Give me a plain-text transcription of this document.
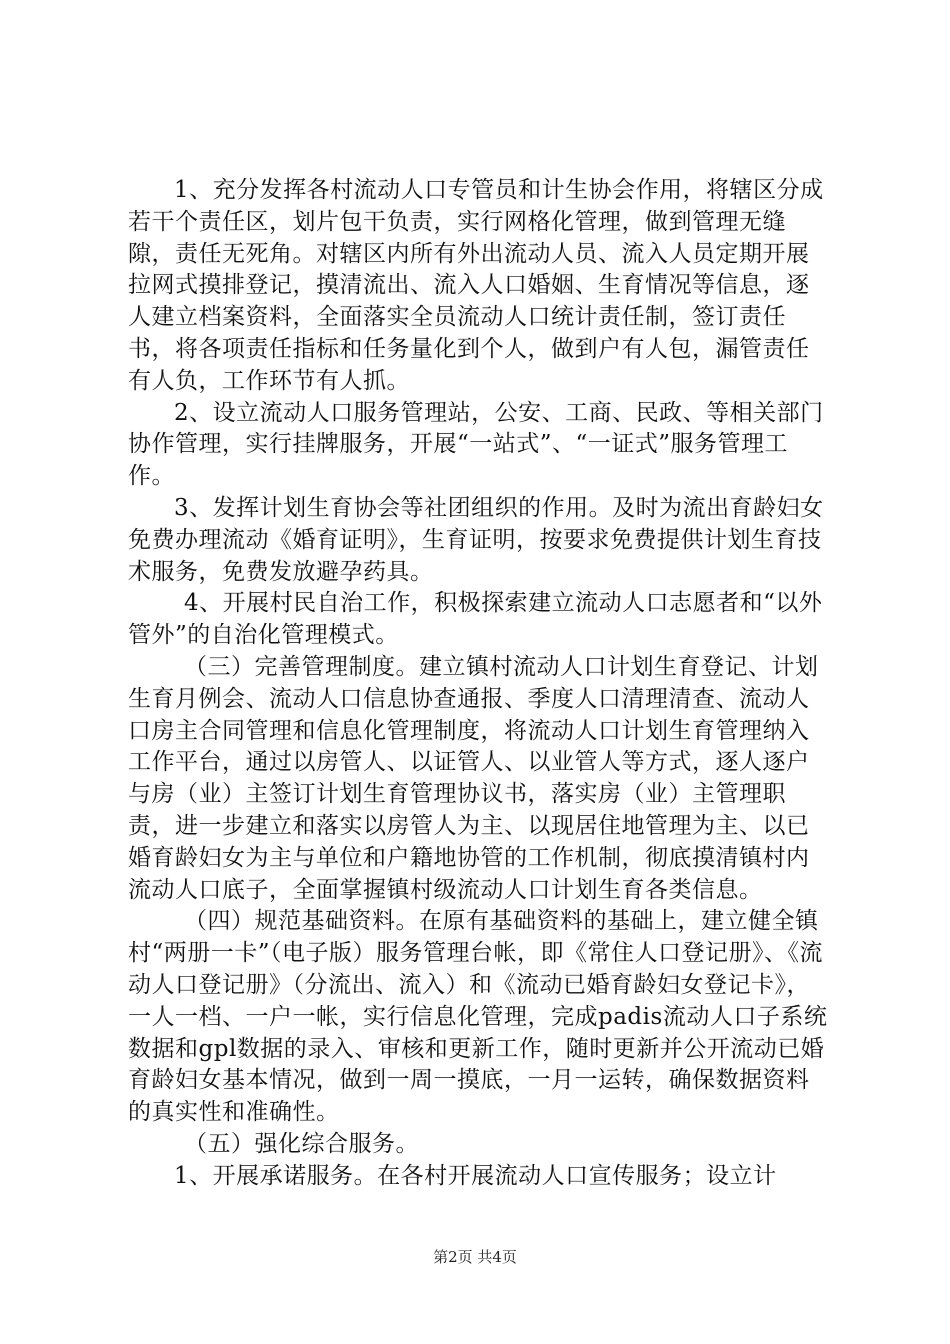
1、充分发挥各村流动人口专管员和计生协会作用，将辖区分成若干个责任区，划片包干负责，实行网格化管理，做到管理无缝隙，责任无死角。对辖区内所有外出流动人员、流入人员定期开展拉网式摸排登记，摸清流出、流入人口婚姻、生育情况等信息，逐人建立档案资料，全面落实全员流动人口统计责任制，签订责任书，将各项责任指标和任务量化到个人，做到户有人包，漏管责任有人负，工作环节有人抓。

2、设立流动人口服务管理站，公安、工商、民政、等相关部门协作管理，实行挂牌服务，开展“一站式”、“一证式”服务管理工作。

3、发挥计划生育协会等社团组织的作用。及时为流出育龄妇女免费办理流动《婚育证明》，生育证明，按要求免费提供计划生育技术服务，免费发放避孕药具。

4、开展村民自治工作，积极探索建立流动人口志愿者和“以外管外”的自治化管理模式。

（三）完善管理制度。建立镇村流动人口计划生育登记、计划生育月例会、流动人口信息协查通报、季度人口清理清查、流动人口房主合同管理和信息化管理制度，将流动人口计划生育管理纳入工作平台，通过以房管人、以证管人、以业管人等方式，逐人逐户与房（业）主签订计划生育管理协议书，落实房（业）主管理职责，进一步建立和落实以房管人为主、以现居住地管理为主、以已婚育龄妇女为主与单位和户籍地协管的工作机制，彻底摸清镇村内流动人口底子，全面掌握镇村级流动人口计划生育各类信息。

（四）规范基础资料。在原有基础资料的基础上，建立健全镇村“两册一卡”（电子版）服务管理台帐，即《常住人口登记册》、《流动人口登记册》（分流出、流入）和《流动已婚育龄妇女登记卡》，一人一档、一户一帐，实行信息化管理，完成padis流动人口子系统数据和gpl数据的录入、审核和更新工作，随时更新并公开流动已婚育龄妇女基本情况，做到一周一摸底，一月一运转，确保数据资料的真实性和准确性。

（五）强化综合服务。

1、开展承诺服务。在各村开展流动人口宣传服务；设立计

第2页 共4页
